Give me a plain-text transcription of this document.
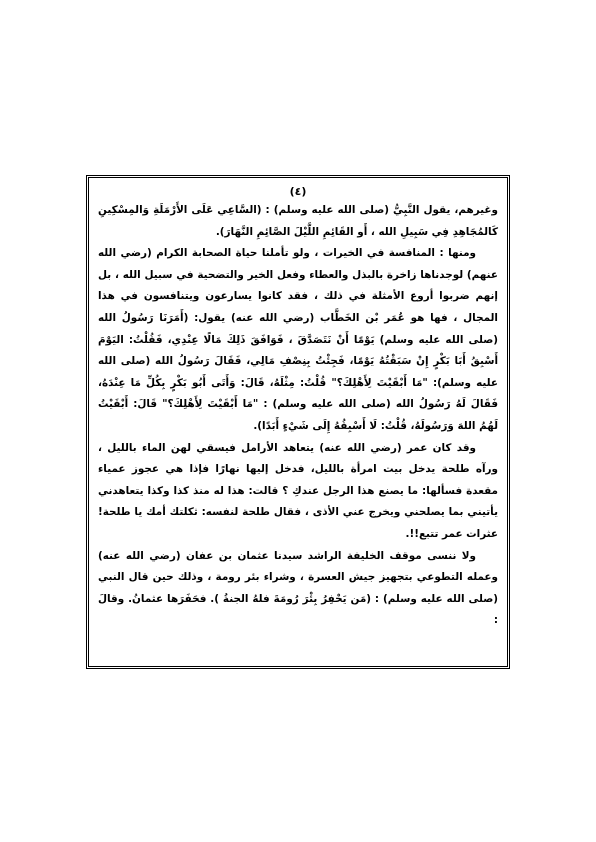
(٤)

وغيرهم، يقول النَّبِيُّ (صلى الله عليه وسلم) : (السَّاعِي عَلَى الأَرْمَلَةِ وَالمِسْكِينِ كَالمُجَاهِدِ فِي سَبِيلِ الله ، أَو القَائِمِ اللَّيْلَ الصَّائِمِ النَّهَارَ).

ومنها : المنافسة في الخيرات ، ولو تأملنا حياة الصحابة الكرام (رضي الله عنهم) لوجدناها زاخرة بالبذل والعطاء وفعل الخير والتضحية في سبيل الله ، بل إنهم ضربوا أروع الأمثلة في ذلك ، فقد كانوا يسارعون ويتنافسون في هذا المجال ، فها هو عُمَر بْن الخَطَّاب (رضي الله عنه) يقول: (أَمَرَنَا رَسُولُ الله (صلى الله عليه وسلم) يَوْمًا أَنْ نَتَصَدَّقَ ، فَوَافَقَ ذَلِكَ مَالًا عِنْدِي، فَقُلْتُ: اليَوْمَ أَسْبِقُ أَبَا بَكْرٍ إِنْ سَبَقْتُهُ يَوْمًا، فَجِئْتُ بِنِصْفِ مَالِي، فَقَالَ رَسُولُ الله (صلى الله عليه وسلم): "مَا أَبْقَيْتَ لِأَهْلِكَ؟" قُلْتُ: مِثْلَهُ، قَالَ: وَأَتَى أَبُو بَكْرٍ بِكُلِّ مَا عِنْدَهُ، فَقَالَ لَهُ رَسُولُ الله (صلى الله عليه وسلم) : "مَا أَبْقَيْتَ لِأَهْلِكَ؟" قَالَ: أَبْقَيْتُ لَهُمُ اللهَ وَرَسُولَهُ، قُلْتُ: لَا أَسْبِقُهُ إِلَى شَيْءٍ أَبَدًا).

وقد كان عمر (رضي الله عنه) يتعاهد الأرامل فيسقي لهن الماء بالليل ، ورآه طلحة يدخل بيت امرأة بالليل، فدخل إليها نهارًا فإذا هي عجوز عمياء مقعدة فسألها: ما يصنع هذا الرجل عندكِ ؟ قالت: هذا له منذ كذا وكذا يتعاهدني يأتيني بما يصلحني ويخرج عني الأذى ، فقال طلحة لنفسه: ثكلتك أمك يا طلحة! عثرات عمر تتبع!!.

ولا ننسى موقف الخليفة الراشد سيدنا عثمان بن عفان (رضي الله عنه) وعمله التطوعي بتجهيز جيش العسرة ، وشراء بئر رومة ، وذلك حين قال النبي (صلى الله عليه وسلم) : (مَن يَحْفِرُ بِئْرَ رُومَةَ فلهُ الجنةُ ). فحَفَرَها عثمانُ. وقالَ :
